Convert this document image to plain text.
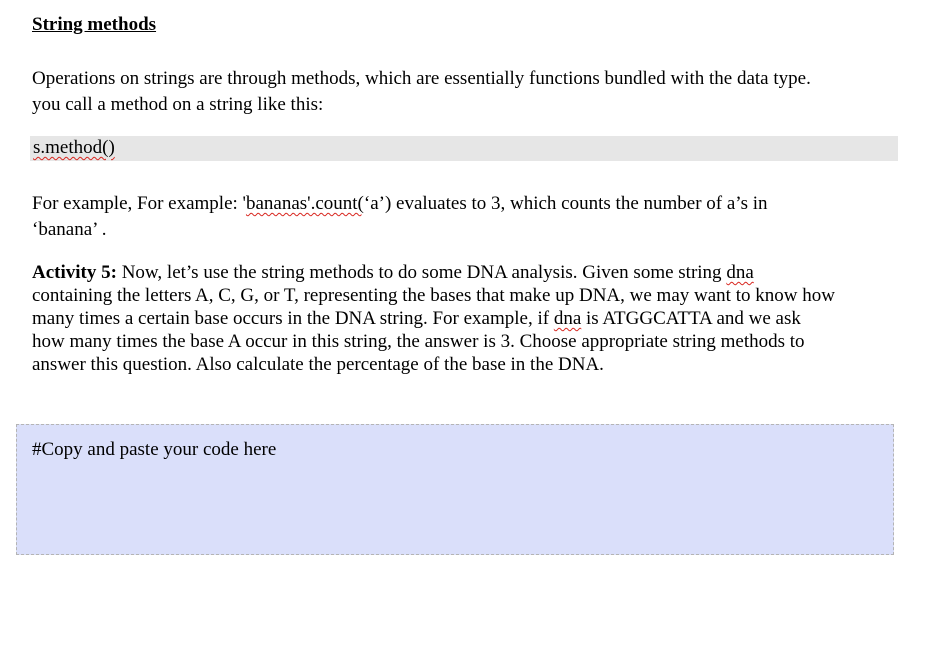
String methods
Operations on strings are through methods, which are essentially functions bundled with the data type.
you call a method on a string like this:
s.method()
For example, For example: 'bananas'.count(‘a’) evaluates to 3, which counts the number of a’s in
‘banana’ .
Activity 5: Now, let’s use the string methods to do some DNA analysis. Given some string dna
containing the letters A, C, G, or T, representing the bases that make up DNA, we may want to know how
many times a certain base occurs in the DNA string. For example, if dna is ATGGCATTA and we ask
how many times the base A occur in this string, the answer is 3. Choose appropriate string methods to
answer this question. Also calculate the percentage of the base in the DNA.
#Copy and paste your code here
